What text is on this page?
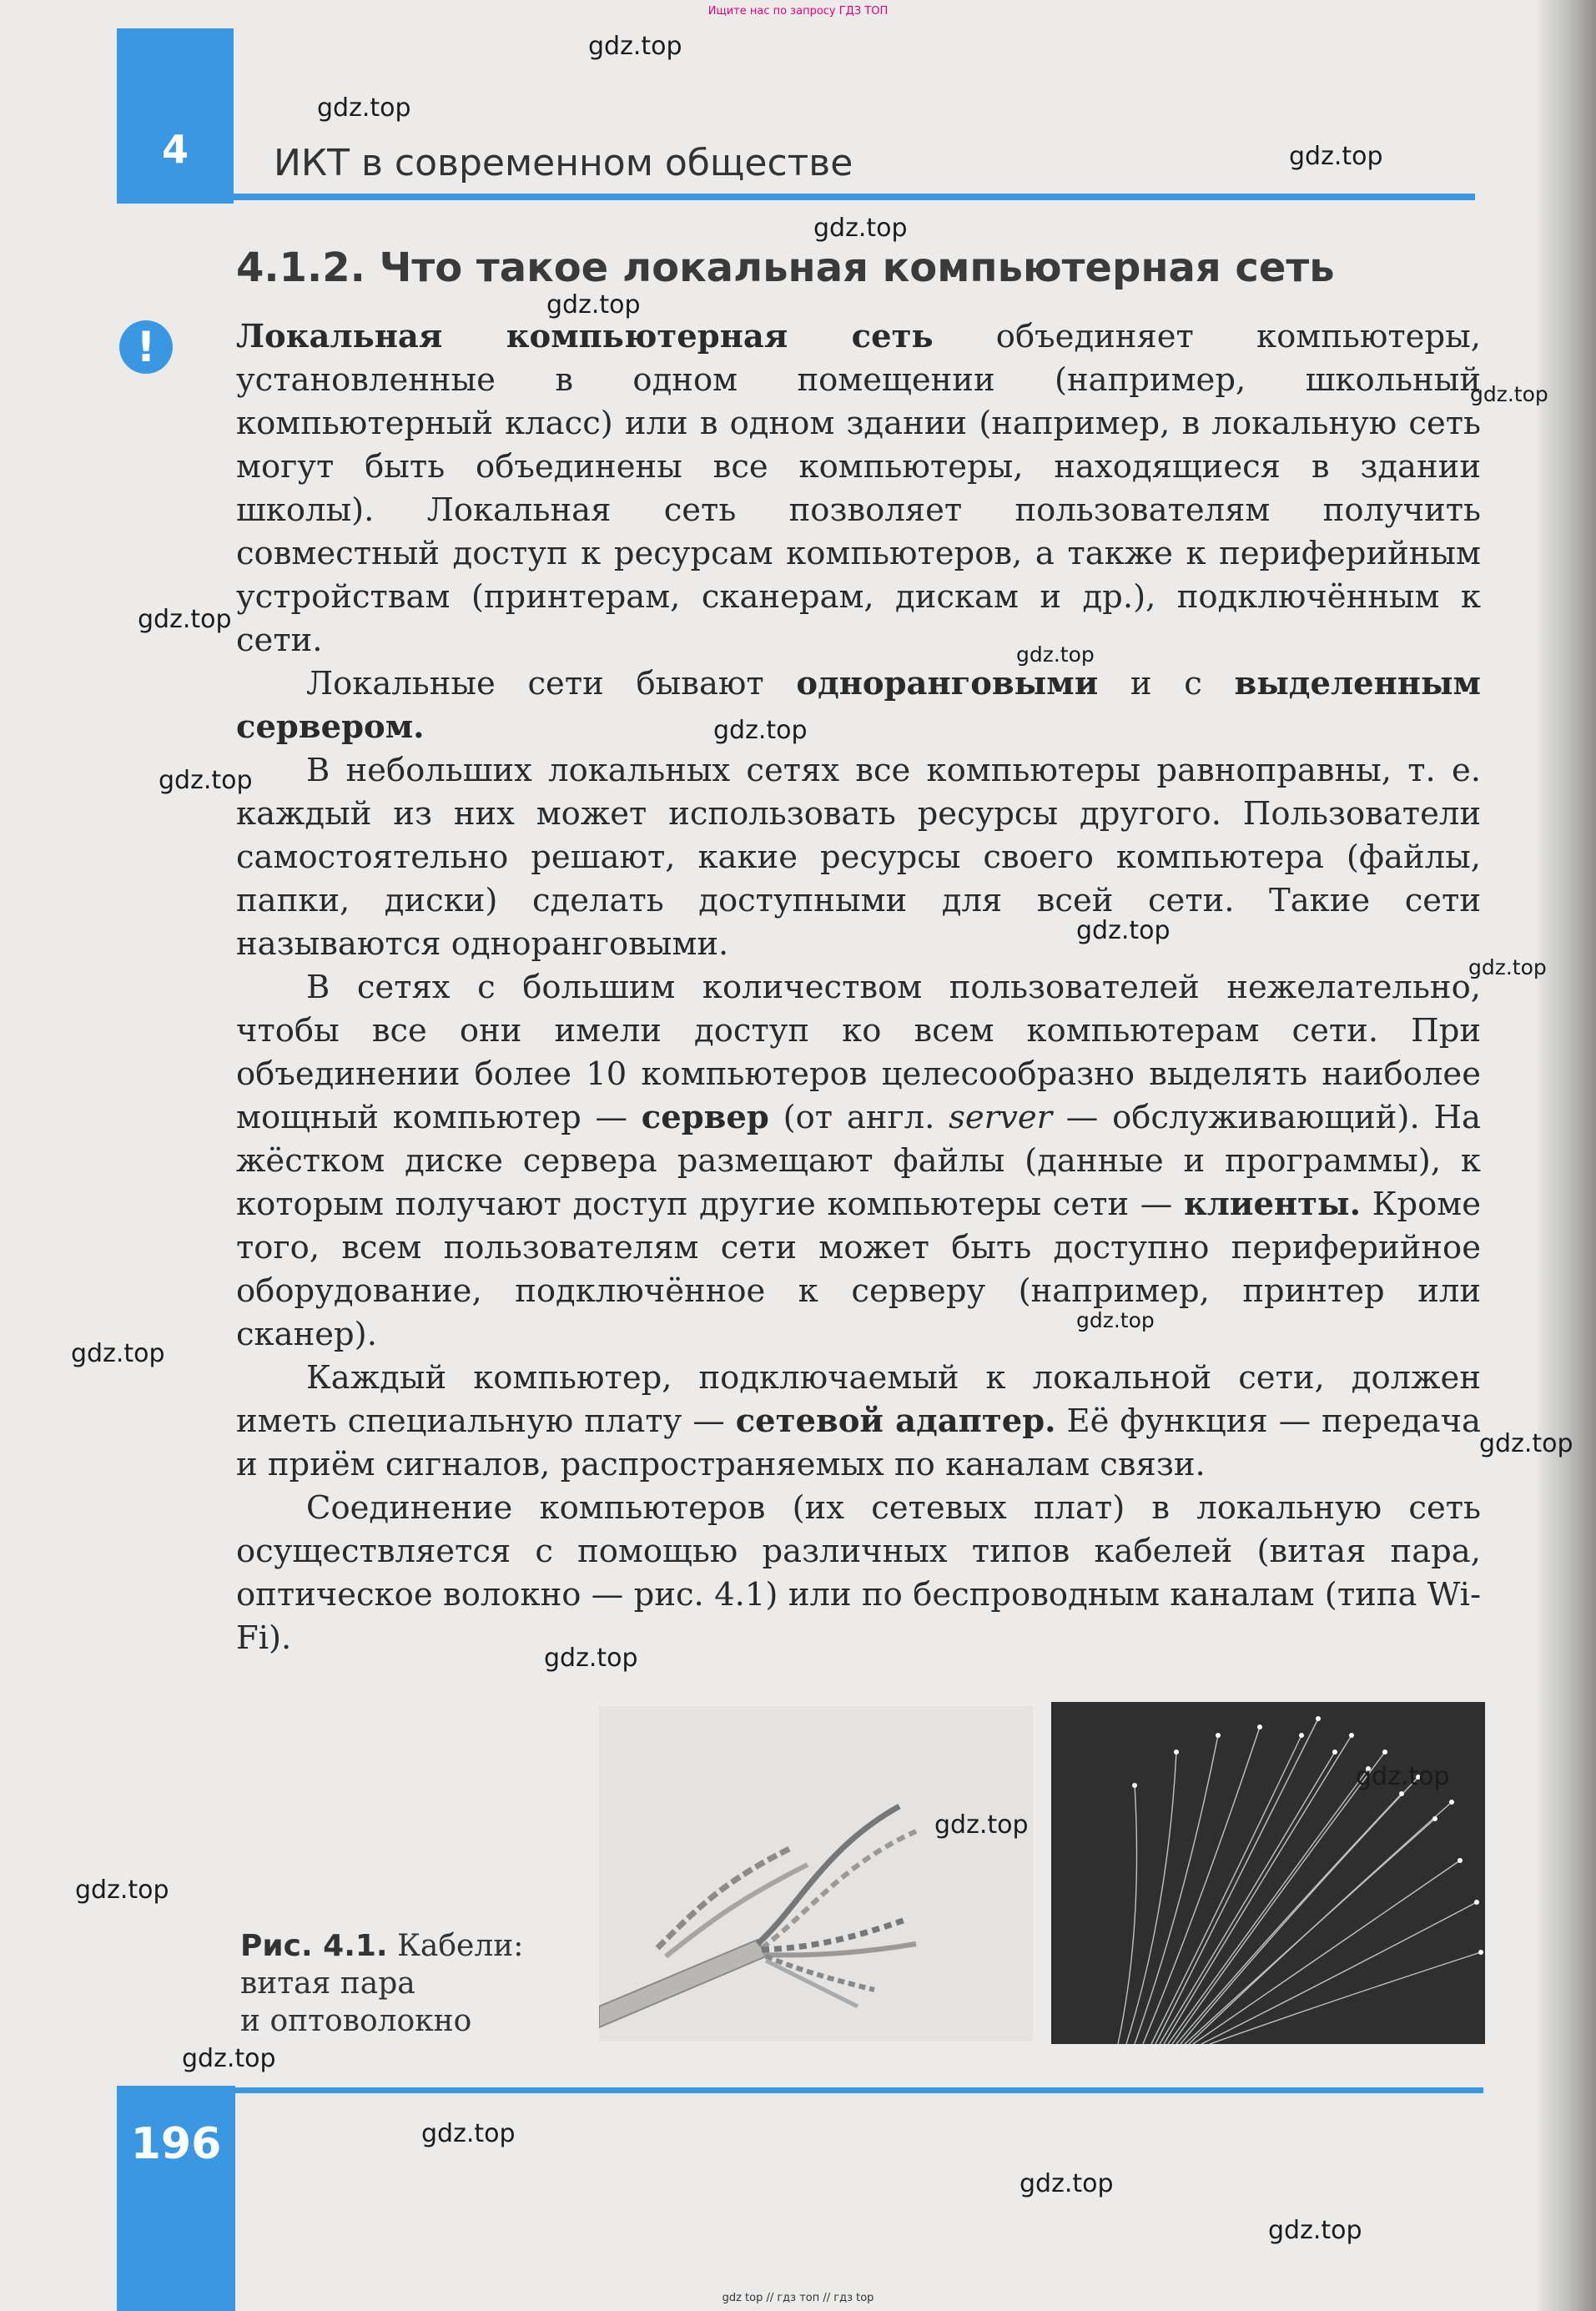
Ищите нас по запросу ГДЗ ТОП
4	ИКТ в современном обществе
4.1.2. Что такое локальная компьютерная сеть
!	Локальная компьютерная сеть объединяет компьютеры, установленные в одном помещении (например, школьный компьютерный класс) или в одном здании (например, в локальную сеть могут быть объединены все компьютеры, находящиеся в здании школы). Локальная сеть позволяет пользователям получить совместный доступ к ресурсам компьютеров, а также к периферийным устройствам (принтерам, сканерам, дискам и др.), подключённым к сети.

Локальные сети бывают одноранговыми и с выделенным сервером.

В небольших локальных сетях все компьютеры равноправны, т. е. каждый из них может использовать ресурсы другого. Пользователи самостоятельно решают, какие ресурсы своего компьютера (файлы, папки, диски) сделать доступными для всей сети. Такие сети называются одноранговыми.

В сетях с большим количеством пользователей нежелательно, чтобы все они имели доступ ко всем компьютерам сети. При объединении более 10 компьютеров целесообразно выделять наиболее мощный компьютер — сервер (от англ. server — обслуживающий). На жёстком диске сервера размещают файлы (данные и программы), к которым получают доступ другие компьютеры сети — клиенты. Кроме того, всем пользователям сети может быть доступно периферийное оборудование, подключённое к серверу (например, принтер или сканер).

Каждый компьютер, подключаемый к локальной сети, должен иметь специальную плату — сетевой адаптер. Её функция — передача и приём сигналов, распространяемых по каналам связи.

Соединение компьютеров (их сетевых плат) в локальную сеть осуществляется с помощью различных типов кабелей (витая пара, оптическое волокно — рис. 4.1) или по беспроводным каналам (типа Wi-Fi).

Рис. 4.1. Кабели:
витая пара
и оптоволокно
196
gdz.top
gdz.top
gdz.top
gdz.top
gdz.top
gdz.top
gdz.top
gdz.top
gdz.top
gdz.top
gdz.top
gdz.top
gdz.top
gdz.top
gdz.top
gdz.top
gdz.top
gdz.top
gdz.top
gdz.top
gdz.top
gdz.top
gdz.top
gdz top // гдз топ // гдз top
